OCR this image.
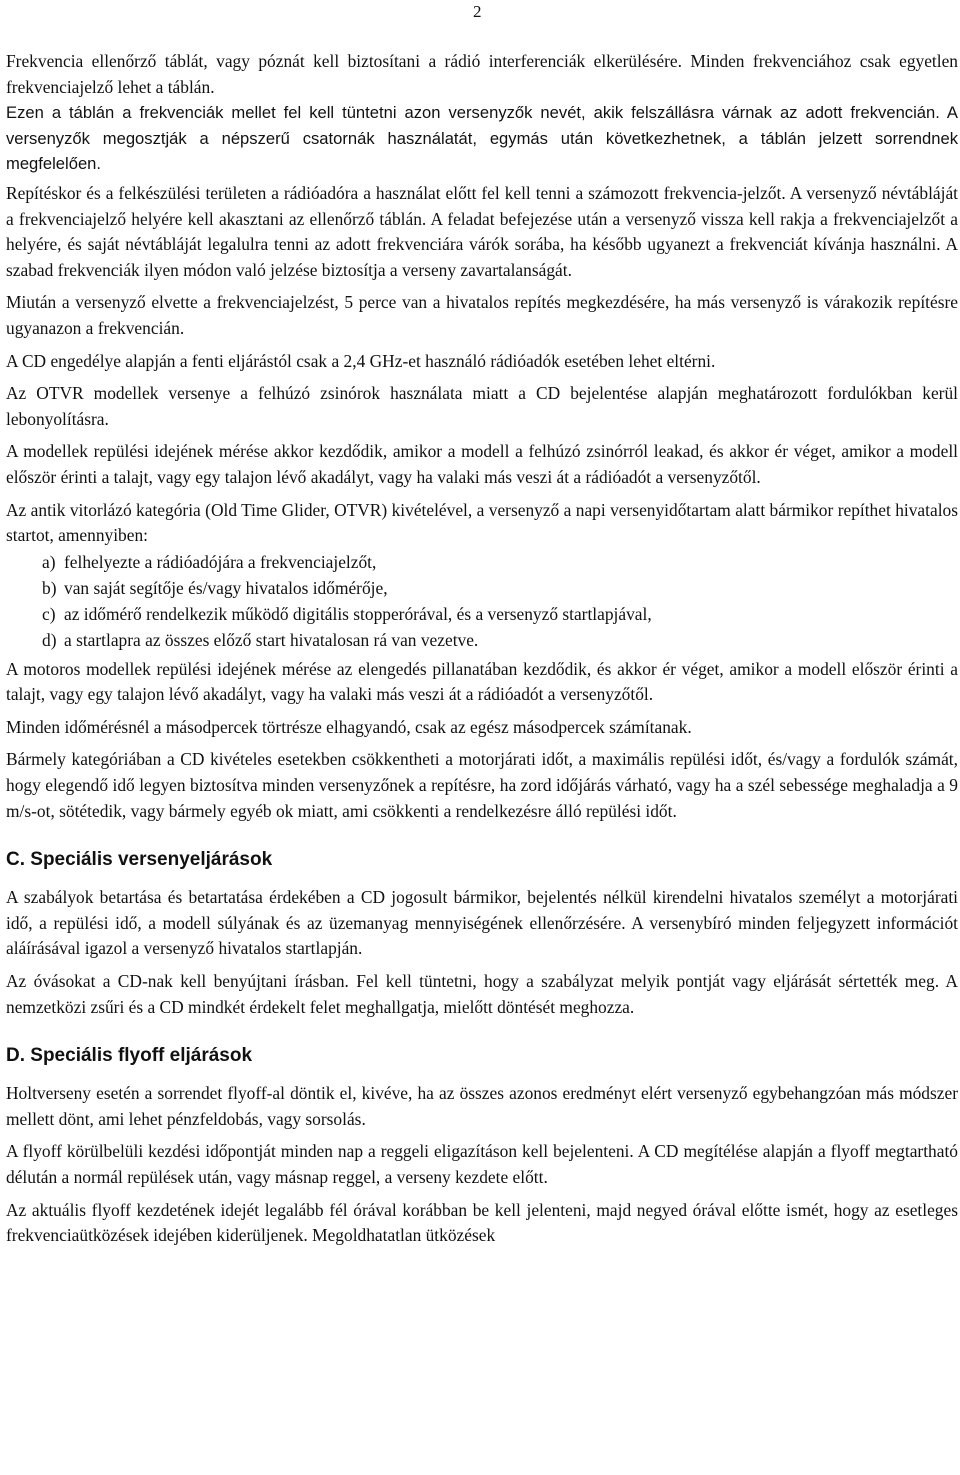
2

Frekvencia ellenőrző táblát, vagy póznát kell biztosítani a rádió interferenciák elkerülésére. Minden frekvenciához csak egyetlen frekvenciajelző lehet a táblán.

Ezen a táblán a frekvenciák mellet fel kell tüntetni azon versenyzők nevét, akik felszállásra várnak az adott frekvencián. A versenyzők megosztják a népszerű csatornák használatát, egymás után következhetnek, a táblán jelzett sorrendnek megfelelően.

Repítéskor és a felkészülési területen a rádióadóra a használat előtt fel kell tenni a számozott frekvencia-jelzőt. A versenyző névtábláját a frekvenciajelző helyére kell akasztani az ellenőrző táblán. A feladat befejezése után a versenyző vissza kell rakja a frekvenciajelzőt a helyére, és saját névtábláját legalulra tenni az adott frekvenciára várók sorába, ha később ugyanezt a frekvenciát kívánja használni. A szabad frekvenciák ilyen módon való jelzése biztosítja a verseny zavartalanságát.

Miután a versenyző elvette a frekvenciajelzést, 5 perce van a hivatalos repítés megkezdésére, ha más versenyző is várakozik repítésre ugyanazon a frekvencián.

A CD engedélye alapján a fenti eljárástól csak a 2,4 GHz-et használó rádióadók esetében lehet eltérni.

Az OTVR modellek versenye a felhúzó zsinórok használata miatt a CD bejelentése alapján meghatározott fordulókban kerül lebonyolításra.

A modellek repülési idejének mérése akkor kezdődik, amikor a modell a felhúzó zsinórról leakad, és akkor ér véget, amikor a modell először érinti a talajt, vagy egy talajon lévő akadályt, vagy ha valaki más veszi át a rádióadót a versenyzőtől.

Az antik vitorlázó kategória (Old Time Glider, OTVR) kivételével, a versenyző a napi versenyidőtartam alatt bármikor repíthet hivatalos startot, amennyiben:

a) felhelyezte a rádióadójára a frekvenciajelzőt,
b) van saját segítője és/vagy hivatalos időmérője,
c) az időmérő rendelkezik működő digitális stopperórával, és a versenyző startlapjával,
d) a startlapra az összes előző start hivatalosan rá van vezetve.

A motoros modellek repülési idejének mérése az elengedés pillanatában kezdődik, és akkor ér véget, amikor a modell először érinti a talajt, vagy egy talajon lévő akadályt, vagy ha valaki más veszi át a rádióadót a versenyzőtől.

Minden időmérésnél a másodpercek törtrésze elhagyandó, csak az egész másodpercek számítanak.

Bármely kategóriában a CD kivételes esetekben csökkentheti a motorjárati időt, a maximális repülési időt, és/vagy a fordulók számát, hogy elegendő idő legyen biztosítva minden versenyzőnek a repítésre, ha zord időjárás várható, vagy ha a szél sebessége meghaladja a 9 m/s-ot, sötétedik, vagy bármely egyéb ok miatt, ami csökkenti a rendelkezésre álló repülési időt.

C. Speciális versenyeljárások

A szabályok betartása és betartatása érdekében a CD jogosult bármikor, bejelentés nélkül kirendelni hivatalos személyt a motorjárati idő, a repülési idő, a modell súlyának és az üzemanyag mennyiségének ellenőrzésére. A versenybíró minden feljegyzett információt aláírásával igazol a versenyző hivatalos startlapján.

Az óvásokat a CD-nak kell benyújtani írásban. Fel kell tüntetni, hogy a szabályzat melyik pontját vagy eljárását sértették meg. A nemzetközi zsűri és a CD mindkét érdekelt felet meghallgatja, mielőtt döntését meghozza.

D. Speciális flyoff eljárások

Holtverseny esetén a sorrendet flyoff-al döntik el, kivéve, ha az összes azonos eredményt elért versenyző egybehangzóan más módszer mellett dönt, ami lehet pénzfeldobás, vagy sorsolás.

A flyoff körülbelüli kezdési időpontját minden nap a reggeli eligazításon kell bejelenteni. A CD megítélése alapján a flyoff megtartható délután a normál repülések után, vagy másnap reggel, a verseny kezdete előtt.

Az aktuális flyoff kezdetének idejét legalább fél órával korábban be kell jelenteni, majd negyed órával előtte ismét, hogy az esetleges frekvenciaütközések idejében kiderüljenek. Megoldhatatlan ütközések
